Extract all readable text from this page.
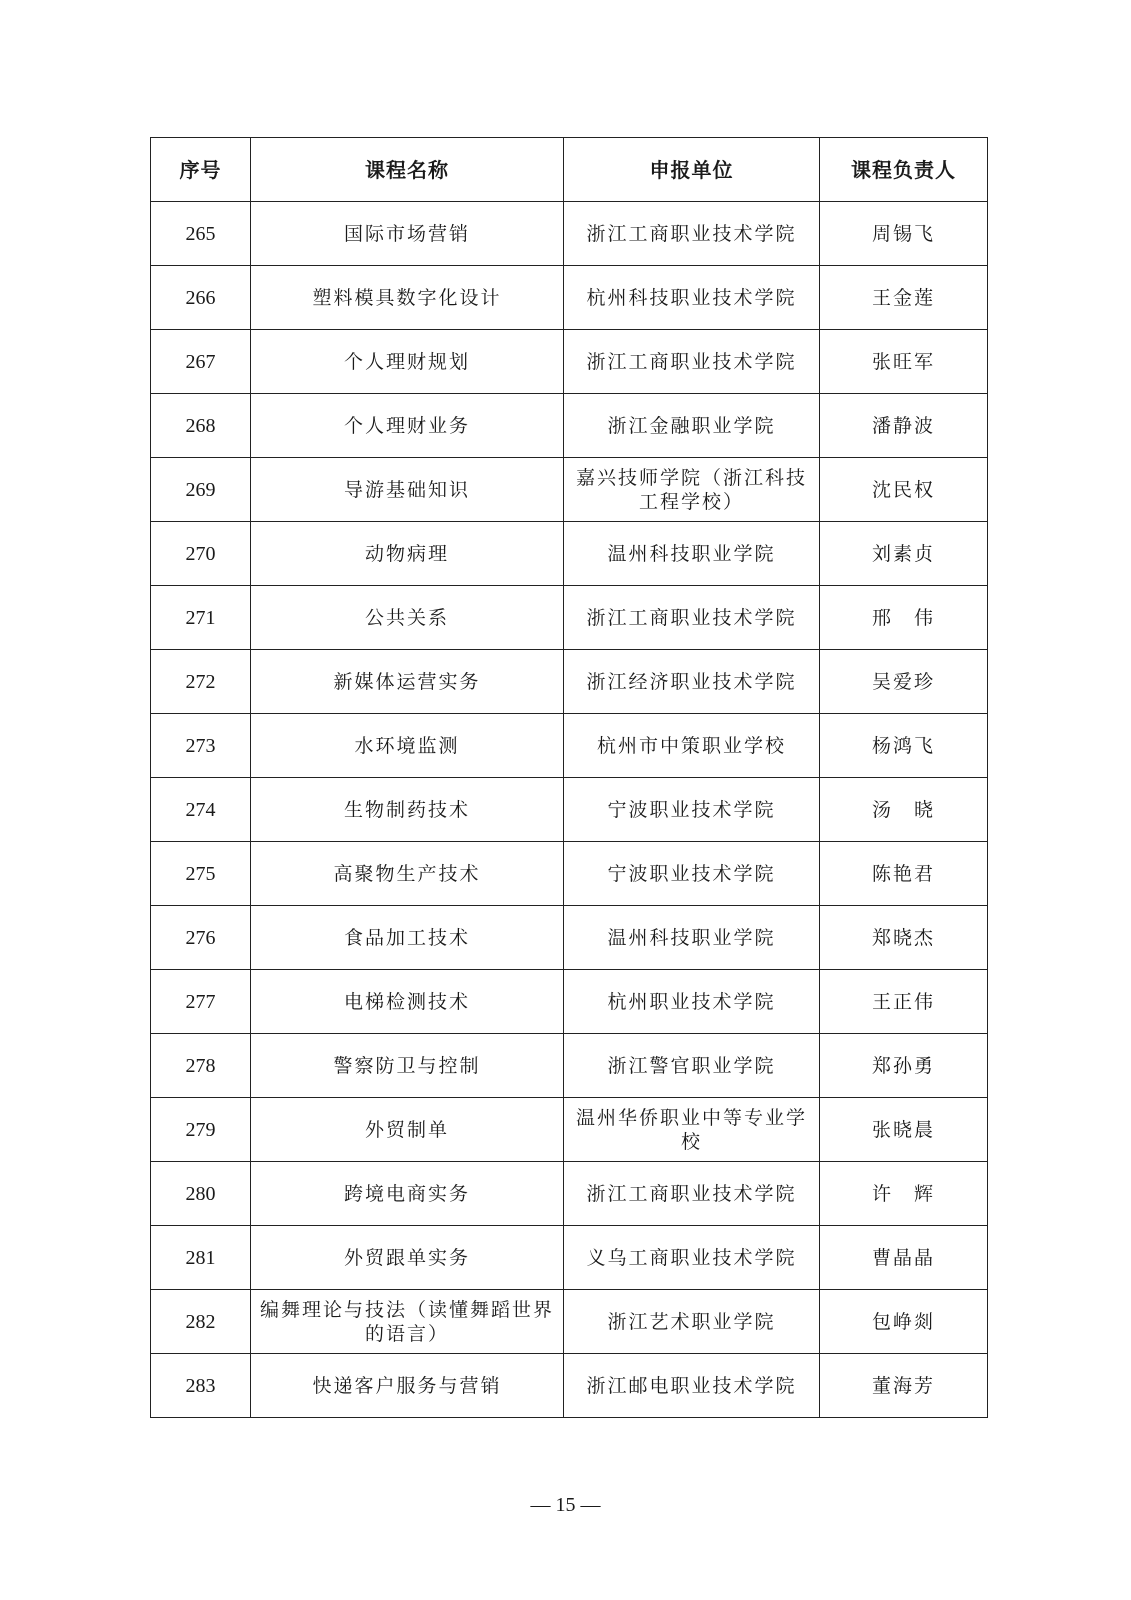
序号	课程名称	申报单位	课程负责人
265	国际市场营销	浙江工商职业技术学院	周锡飞
266	塑料模具数字化设计	杭州科技职业技术学院	王金莲
267	个人理财规划	浙江工商职业技术学院	张旺军
268	个人理财业务	浙江金融职业学院	潘静波
269	导游基础知识	嘉兴技师学院（浙江科技工程学校）	沈民权
270	动物病理	温州科技职业学院	刘素贞
271	公共关系	浙江工商职业技术学院	邢　伟
272	新媒体运营实务	浙江经济职业技术学院	吴爱珍
273	水环境监测	杭州市中策职业学校	杨鸿飞
274	生物制药技术	宁波职业技术学院	汤　晓
275	高聚物生产技术	宁波职业技术学院	陈艳君
276	食品加工技术	温州科技职业学院	郑晓杰
277	电梯检测技术	杭州职业技术学院	王正伟
278	警察防卫与控制	浙江警官职业学院	郑孙勇
279	外贸制单	温州华侨职业中等专业学校	张晓晨
280	跨境电商实务	浙江工商职业技术学院	许　辉
281	外贸跟单实务	义乌工商职业技术学院	曹晶晶
282	编舞理论与技法（读懂舞蹈世界的语言）	浙江艺术职业学院	包峥剡
283	快递客户服务与营销	浙江邮电职业技术学院	董海芳
— 15 —
